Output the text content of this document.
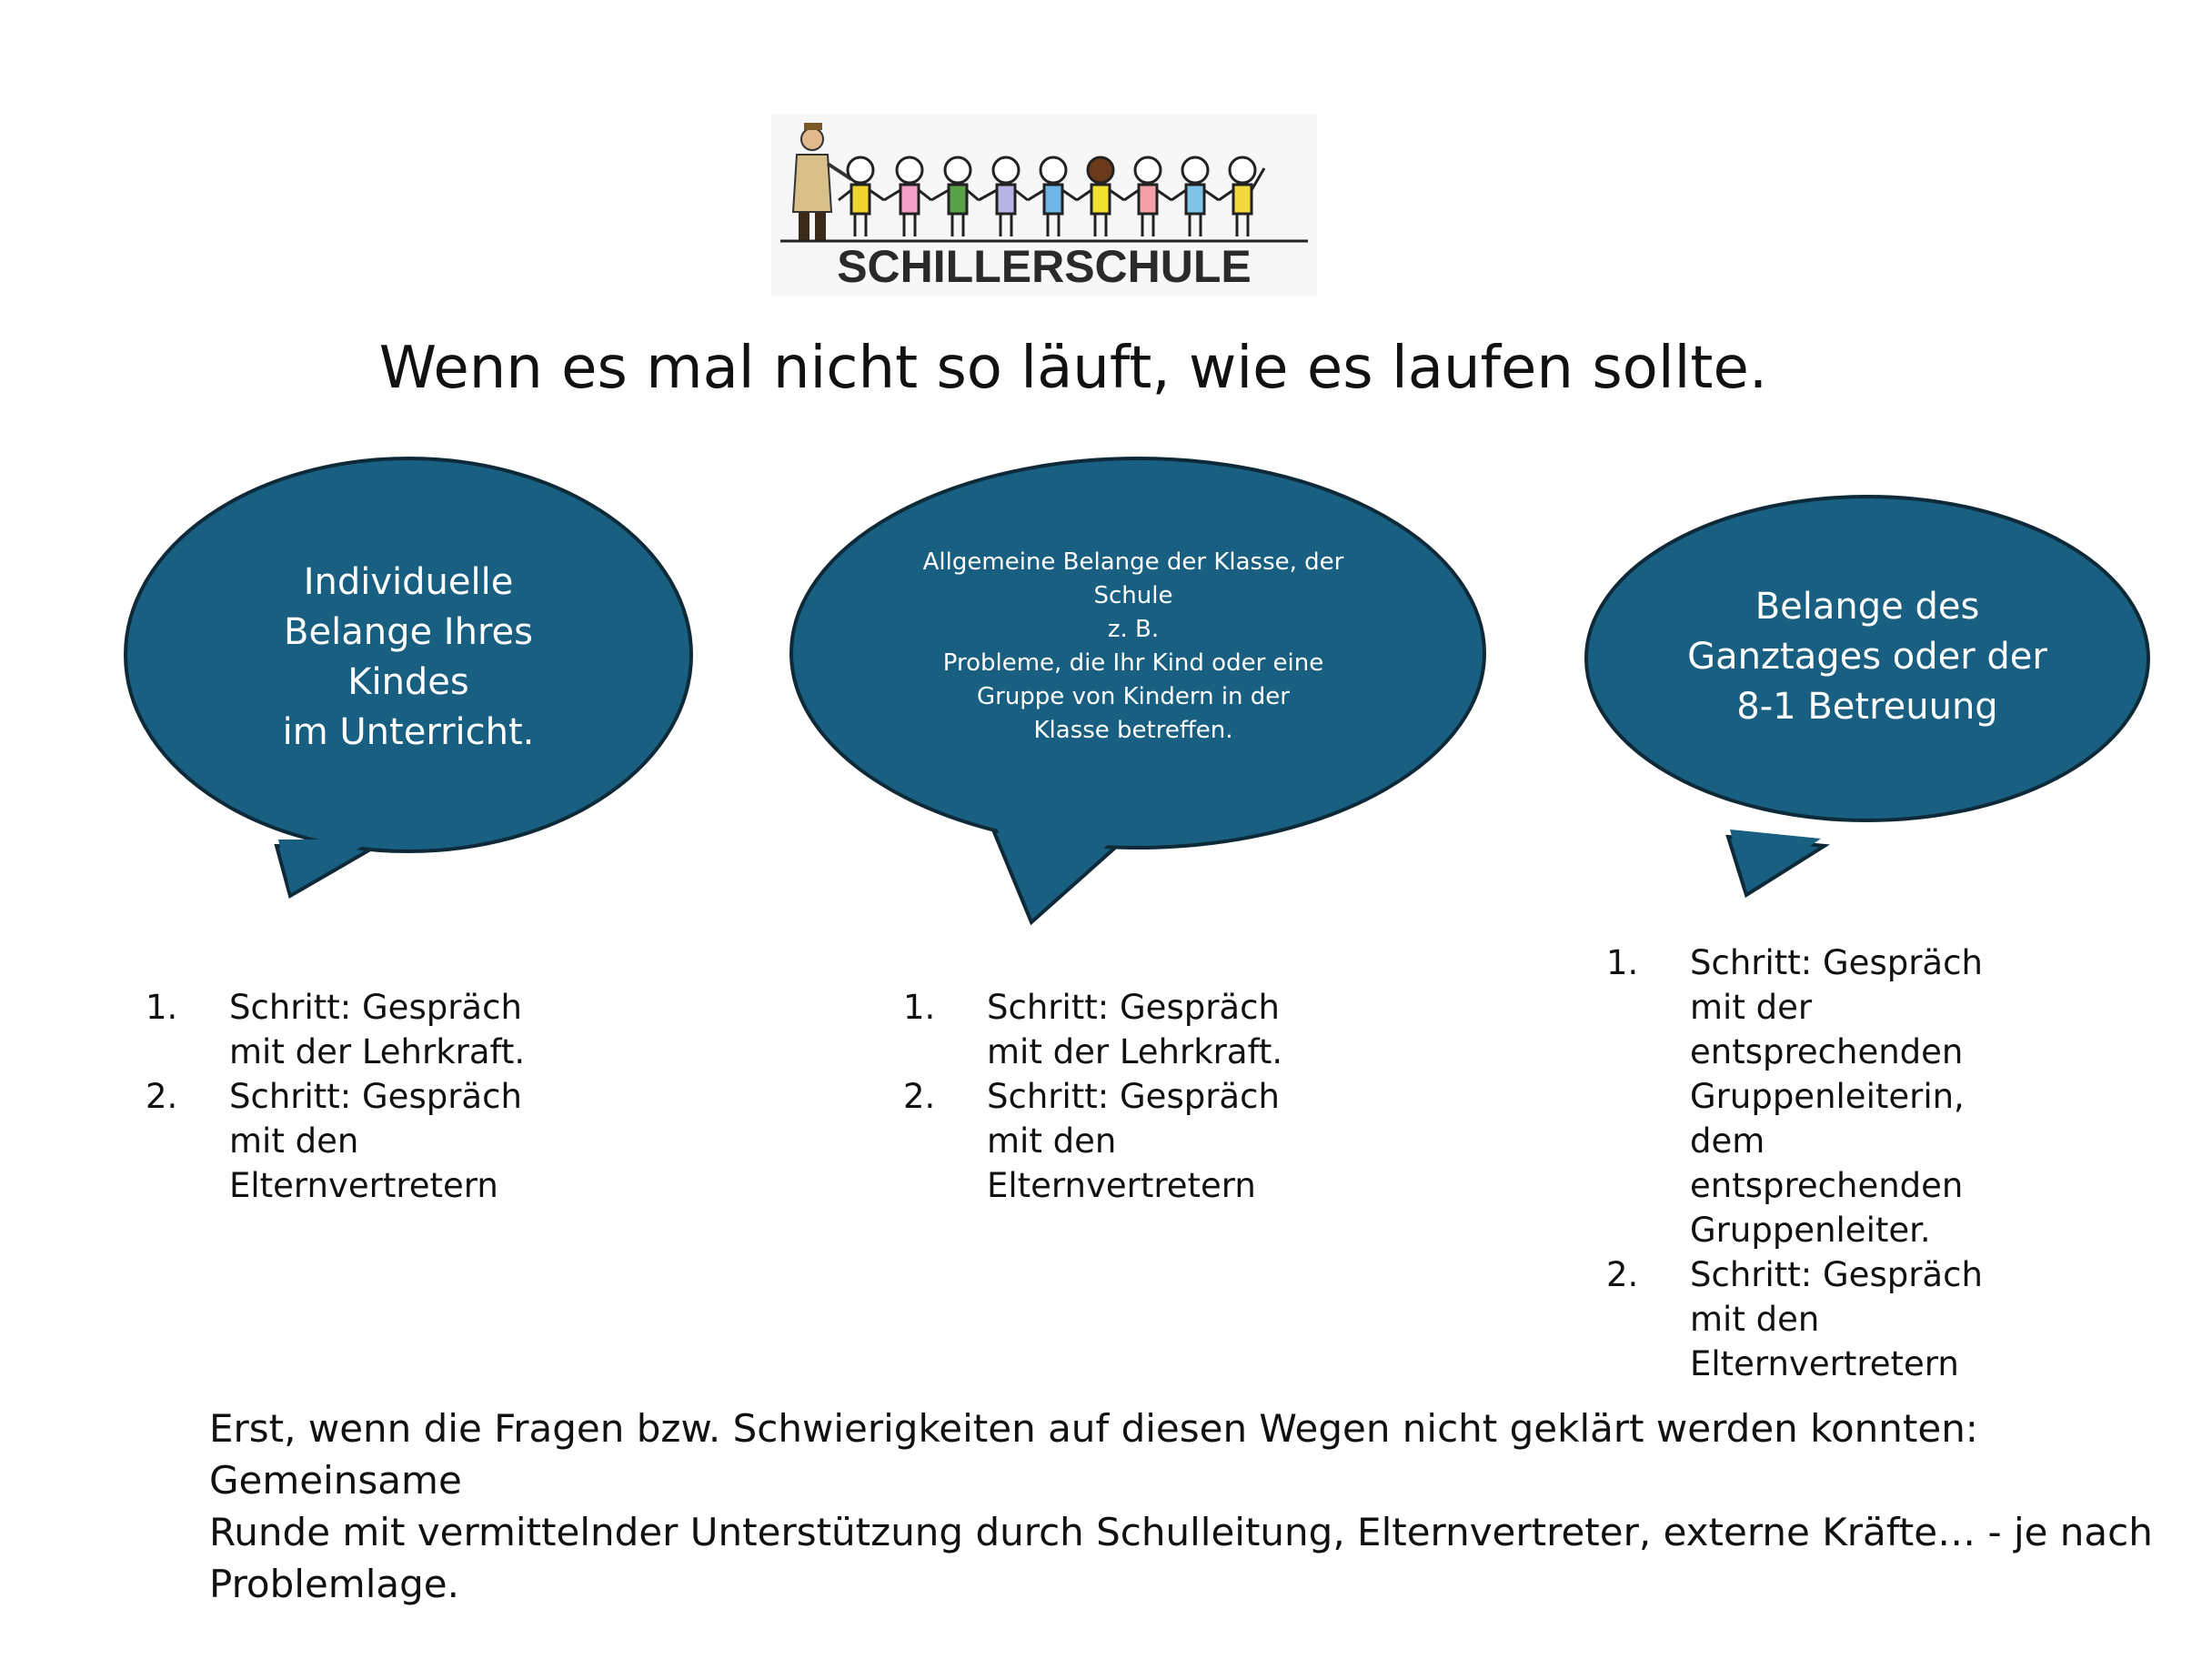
SCHILLERSCHULE
Wenn es mal nicht so läuft, wie es laufen sollte.
Individuelle
Belange Ihres
Kindes
im Unterricht.
Allgemeine Belange der Klasse, der
Schule
z. B.
Probleme, die Ihr Kind oder eine
Gruppe von Kindern in der
Klasse betreffen.
Belange des
Ganztages oder der
8-1 Betreuung
1. Schritt: Gespräch
mit der Lehrkraft.
2. Schritt: Gespräch
mit den
Elternvertretern
1. Schritt: Gespräch
mit der Lehrkraft.
2. Schritt: Gespräch
mit den
Elternvertretern
1. Schritt: Gespräch
mit der
entsprechenden
Gruppenleiterin,
dem
entsprechenden
Gruppenleiter.
2. Schritt: Gespräch
mit den
Elternvertretern
Erst, wenn die Fragen bzw. Schwierigkeiten auf diesen Wegen nicht geklärt werden konnten: Gemeinsame
Runde mit vermittelnder Unterstützung durch Schulleitung, Elternvertreter, externe Kräfte… - je nach
Problemlage.
